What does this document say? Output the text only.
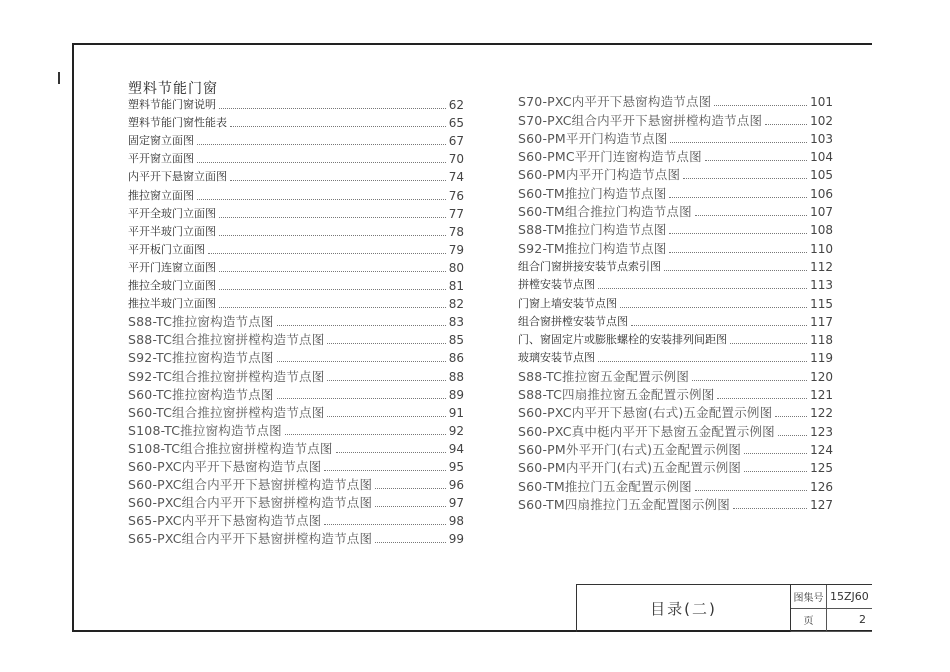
塑料节能门窗
塑料节能门窗说明	62
塑料节能门窗性能表	65
固定窗立面图	67
平开窗立面图	70
内平开下悬窗立面图	74
推拉窗立面图	76
平开全玻门立面图	77
平开半玻门立面图	78
平开板门立面图	79
平开门连窗立面图	80
推拉全玻门立面图	81
推拉半玻门立面图	82
S88-TC推拉窗构造节点图	83
S88-TC组合推拉窗拼樘构造节点图	85
S92-TC推拉窗构造节点图	86
S92-TC组合推拉窗拼樘构造节点图	88
S60-TC推拉窗构造节点图	89
S60-TC组合推拉窗拼樘构造节点图	91
S108-TC推拉窗构造节点图	92
S108-TC组合推拉窗拼樘构造节点图	94
S60-PXC内平开下悬窗构造节点图	95
S60-PXC组合内平开下悬窗拼樘构造节点图	96
S60-PXC组合内平开下悬窗拼樘构造节点图	97
S65-PXC内平开下悬窗构造节点图	98
S65-PXC组合内平开下悬窗拼樘构造节点图	99
S70-PXC内平开下悬窗构造节点图	101
S70-PXC组合内平开下悬窗拼樘构造节点图	102
S60-PM平开门构造节点图	103
S60-PMC平开门连窗构造节点图	104
S60-PM内平开门构造节点图	105
S60-TM推拉门构造节点图	106
S60-TM组合推拉门构造节点图	107
S88-TM推拉门构造节点图	108
S92-TM推拉门构造节点图	110
组合门窗拼接安装节点索引图	112
拼樘安装节点图	113
门窗上墙安装节点图	115
组合窗拼樘安装节点图	117
门、窗固定片或膨胀螺栓的安装排列间距图	118
玻璃安装节点图	119
S88-TC推拉窗五金配置示例图	120
S88-TC四扇推拉窗五金配置示例图	121
S60-PXC内平开下悬窗(右式)五金配置示例图	122
S60-PXC真中梃内平开下悬窗五金配置示例图	123
S60-PM外平开门(右式)五金配置示例图	124
S60-PM内平开门(右式)五金配置示例图	125
S60-TM推拉门五金配置示例图	126
S60-TM四扇推拉门五金配置图示例图	127
目录(二)
图集号 15ZJ60
页	2
